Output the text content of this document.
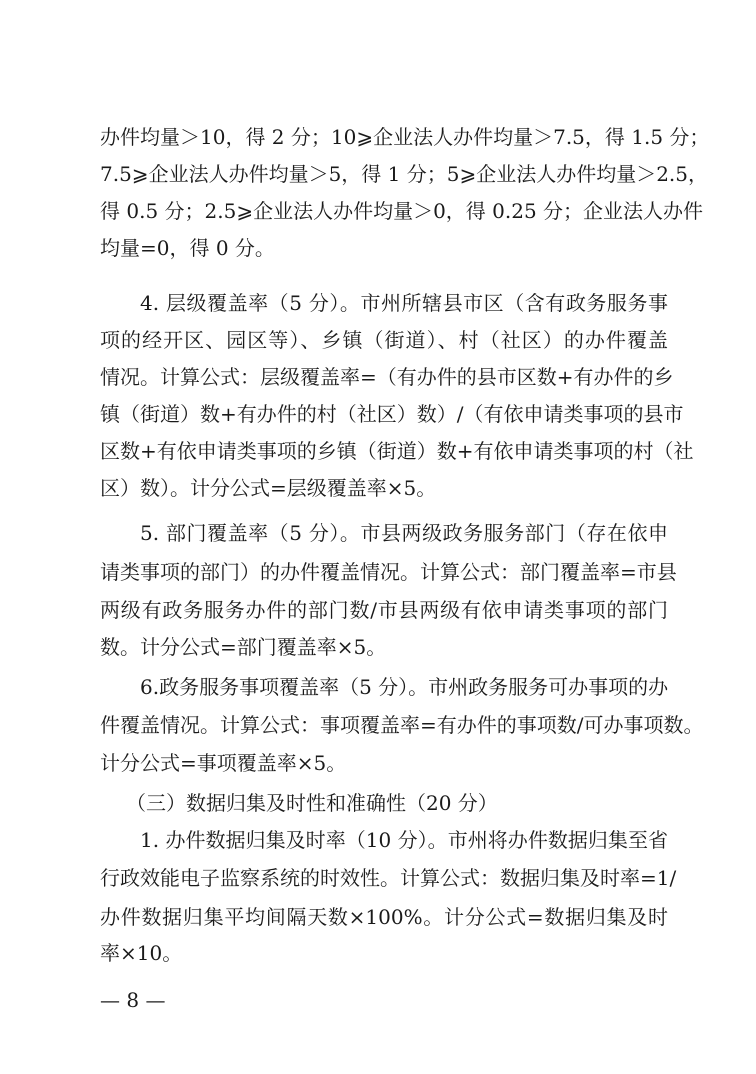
办件均量＞10，得 2 分；10⩾企业法人办件均量＞7.5，得 1.5 分；
7.5⩾企业法人办件均量＞5，得 1 分；5⩾企业法人办件均量＞2.5，
得 0.5 分；2.5⩾企业法人办件均量＞0，得 0.25 分；企业法人办件
均量=0，得 0 分。
4. 层级覆盖率（5 分）。市州所辖县市区（含有政务服务事
项的经开区、园区等）、乡镇（街道）、村（社区）的办件覆盖
情况。计算公式：层级覆盖率=（有办件的县市区数+有办件的乡
镇（街道）数+有办件的村（社区）数）/（有依申请类事项的县市
区数+有依申请类事项的乡镇（街道）数+有依申请类事项的村（社
区）数）。计分公式=层级覆盖率×5。
5. 部门覆盖率（5 分）。市县两级政务服务部门（存在依申
请类事项的部门）的办件覆盖情况。计算公式：部门覆盖率=市县
两级有政务服务办件的部门数/市县两级有依申请类事项的部门
数。计分公式=部门覆盖率×5。
6.政务服务事项覆盖率（5 分）。市州政务服务可办事项的办
件覆盖情况。计算公式：事项覆盖率=有办件的事项数/可办事项数。
计分公式=事项覆盖率×5。
（三）数据归集及时性和准确性（20 分）
1. 办件数据归集及时率（10 分）。市州将办件数据归集至省
行政效能电子监察系统的时效性。计算公式：数据归集及时率=1/
办件数据归集平均间隔天数×100%。计分公式=数据归集及时
率×10。
— 8 —
